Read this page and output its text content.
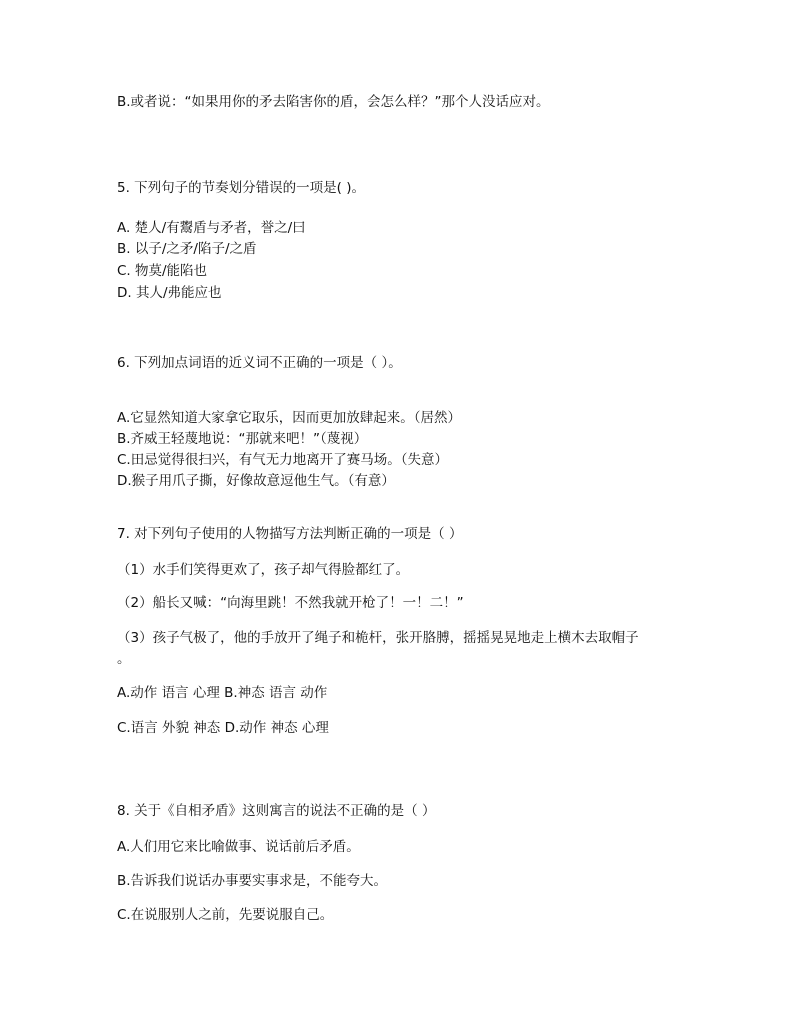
B.或者说：“如果用你的矛去陷害你的盾，会怎么样？”那个人没话应对。
5. 下列句子的节奏划分错误的一项是( )。
A. 楚人/有鬻盾与矛者，誉之/曰
B. 以子/之矛/陷子/之盾
C. 物莫/能陷也
D. 其人/弗能应也
6. 下列加点词语的近义词不正确的一项是（ ）。
A.它显然知道大家拿它取乐，因而更加放肆起来。（居然）
B.齐威王轻蔑地说：“那就来吧！”（蔑视）
C.田忌觉得很扫兴，有气无力地离开了赛马场。（失意）
D.猴子用爪子撕，好像故意逗他生气。（有意）
7. 对下列句子使用的人物描写方法判断正确的一项是（ ）
（1）水手们笑得更欢了，孩子却气得脸都红了。
（2）船长又喊：“向海里跳！不然我就开枪了！一！二！”
（3）孩子气极了，他的手放开了绳子和桅杆，张开胳膊，摇摇晃晃地走上横木去取帽子
。
A.动作 语言 心理 B.神态 语言 动作
C.语言 外貌 神态 D.动作 神态 心理
8. 关于《自相矛盾》这则寓言的说法不正确的是（ ）
A.人们用它来比喻做事、说话前后矛盾。
B.告诉我们说话办事要实事求是，不能夸大。
C.在说服别人之前，先要说服自己。
